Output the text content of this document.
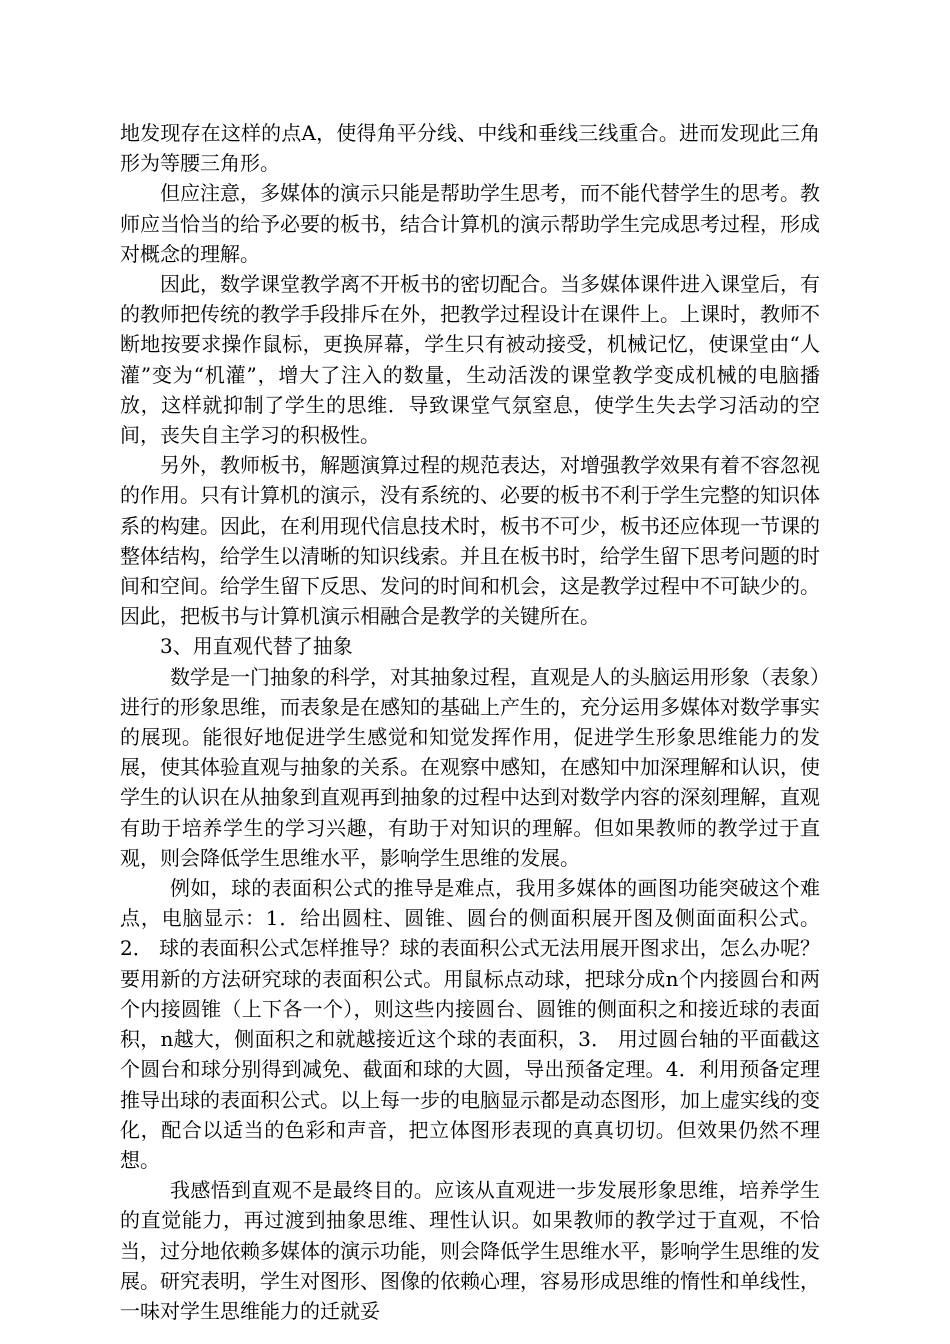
地发现存在这样的点A，使得角平分线、中线和垂线三线重合。进而发现此三角形为等腰三角形。

但应注意，多媒体的演示只能是帮助学生思考，而不能代替学生的思考。教师应当恰当的给予必要的板书，结合计算机的演示帮助学生完成思考过程，形成对概念的理解。

因此，数学课堂教学离不开板书的密切配合。当多媒体课件进入课堂后，有的教师把传统的教学手段排斥在外，把教学过程设计在课件上。上课时，教师不断地按要求操作鼠标，更换屏幕，学生只有被动接受，机械记忆，使课堂由“人灌”变为“机灌”，增大了注入的数量，生动活泼的课堂教学变成机械的电脑播放，这样就抑制了学生的思维．导致课堂气氛窒息，使学生失去学习活动的空间，丧失自主学习的积极性。

另外，教师板书，解题演算过程的规范表达，对增强教学效果有着不容忽视的作用。只有计算机的演示，没有系统的、必要的板书不利于学生完整的知识体系的构建。因此，在利用现代信息技术时，板书不可少，板书还应体现一节课的整体结构，给学生以清晰的知识线索。并且在板书时，给学生留下思考问题的时间和空间。给学生留下反思、发问的时间和机会，这是教学过程中不可缺少的。因此，把板书与计算机演示相融合是教学的关键所在。

3、用直观代替了抽象

数学是一门抽象的科学，对其抽象过程，直观是人的头脑运用形象（表象）进行的形象思维，而表象是在感知的基础上产生的，充分运用多媒体对数学事实的展现。能很好地促进学生感觉和知觉发挥作用，促进学生形象思维能力的发展，使其体验直观与抽象的关系。在观察中感知，在感知中加深理解和认识，使学生的认识在从抽象到直观再到抽象的过程中达到对数学内容的深刻理解，直观有助于培养学生的学习兴趣，有助于对知识的理解。但如果教师的教学过于直观，则会降低学生思维水平，影响学生思维的发展。

例如，球的表面积公式的推导是难点，我用多媒体的画图功能突破这个难点，电脑显示：1．给出圆柱、圆锥、圆台的侧面积展开图及侧面面积公式。2． 球的表面积公式怎样推导？球的表面积公式无法用展开图求出，怎么办呢？要用新的方法研究球的表面积公式。用鼠标点动球，把球分成n个内接圆台和两个内接圆锥（上下各一个），则这些内接圆台、圆锥的侧面积之和接近球的表面积，n越大，侧面积之和就越接近这个球的表面积，3． 用过圆台轴的平面截这个圆台和球分别得到减免、截面和球的大圆，导出预备定理。4．利用预备定理推导出球的表面积公式。以上每一步的电脑显示都是动态图形，加上虚实线的变化，配合以适当的色彩和声音，把立体图形表现的真真切切。但效果仍然不理想。

我感悟到直观不是最终目的。应该从直观进一步发展形象思维，培养学生的直觉能力，再过渡到抽象思维、理性认识。如果教师的教学过于直观，不恰当，过分地依赖多媒体的演示功能，则会降低学生思维水平，影响学生思维的发展。研究表明，学生对图形、图像的依赖心理，容易形成思维的惰性和单线性，一味对学生思维能力的迁就妥
